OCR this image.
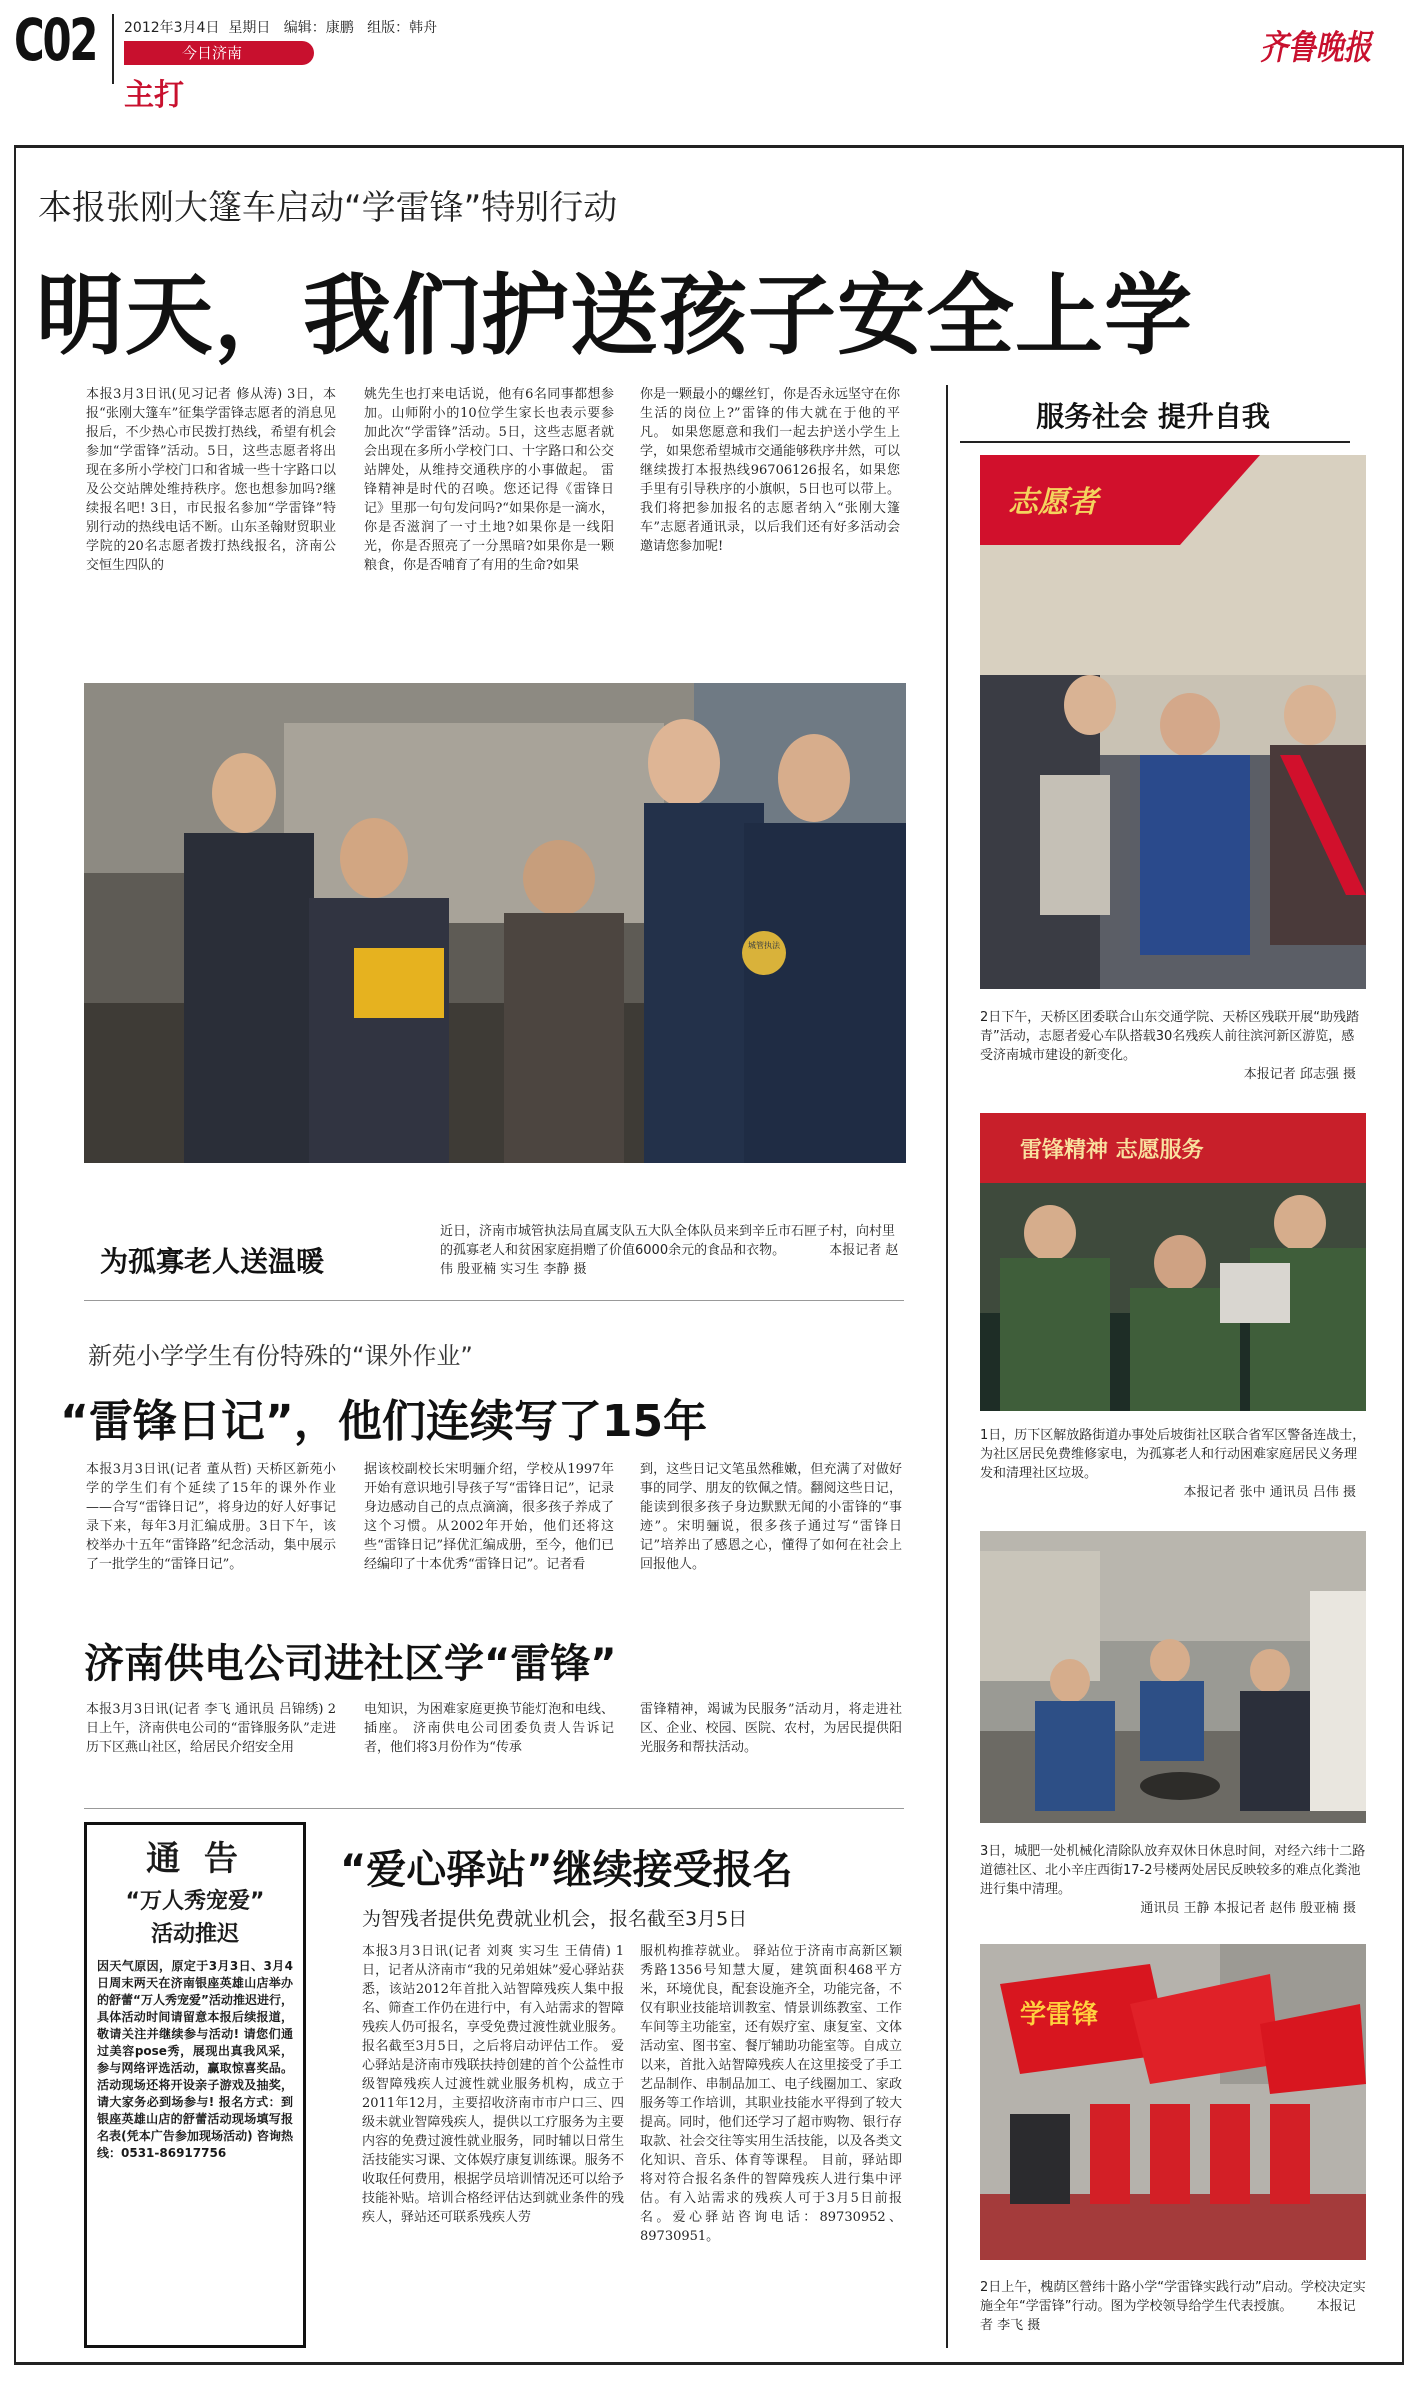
C02 2012年3月4日 星期日 编辑：康鹏 组版：韩舟
今日济南
主打
齐鲁晚报
本报张刚大篷车启动“学雷锋”特别行动
明天，我们护送孩子安全上学
本报3月3日讯(见习记者 修从涛) 3日，本报“张刚大篷车”征集学雷锋志愿者的消息见报后，不少热心市民拨打热线，希望有机会参加“学雷锋”活动。5日，这些志愿者将出现在多所小学校门口和省城一些十字路口以及公交站牌处维持秩序。您也想参加吗?继续报名吧! 3日，市民报名参加“学雷锋”特别行动的热线电话不断。山东圣翰财贸职业学院的20名志愿者拨打热线报名，济南公交恒生四队的
姚先生也打来电话说，他有6名同事都想参加。山师附小的10位学生家长也表示要参加此次“学雷锋”活动。5日，这些志愿者就会出现在多所小学校门口、十字路口和公交站牌处，从维持交通秩序的小事做起。 雷锋精神是时代的召唤。您还记得《雷锋日记》里那一句句发问吗?“如果你是一滴水，你是否滋润了一寸土地?如果你是一线阳光，你是否照亮了一分黑暗?如果你是一颗粮食，你是否哺育了有用的生命?如果
你是一颗最小的螺丝钉，你是否永远坚守在你生活的岗位上?”雷锋的伟大就在于他的平凡。 如果您愿意和我们一起去护送小学生上学，如果您希望城市交通能够秩序井然，可以继续拨打本报热线96706126报名，如果您手里有引导秩序的小旗帜，5日也可以带上。我们将把参加报名的志愿者纳入“张刚大篷车”志愿者通讯录，以后我们还有好多活动会邀请您参加呢!
城管执法
为孤寡老人送温暖
近日，济南市城管执法局直属支队五大队全体队员来到辛丘市石匣子村，向村里的孤寡老人和贫困家庭捐赠了价值6000余元的食品和衣物。	本报记者 赵伟 殷亚楠 实习生 李静 摄
新苑小学学生有份特殊的“课外作业”
“雷锋日记”，他们连续写了15年
本报3月3日讯(记者 董从哲) 天桥区新苑小学的学生们有个延续了15年的课外作业——合写“雷锋日记”，将身边的好人好事记录下来，每年3月汇编成册。3日下午，该校举办十五年“雷锋路”纪念活动，集中展示了一批学生的“雷锋日记”。
据该校副校长宋明骊介绍，学校从1997年开始有意识地引导孩子写“雷锋日记”，记录身边感动自己的点点滴滴，很多孩子养成了这个习惯。从2002年开始，他们还将这些“雷锋日记”择优汇编成册，至今，他们已经编印了十本优秀“雷锋日记”。记者看
到，这些日记文笔虽然稚嫩，但充满了对做好事的同学、朋友的钦佩之情。翻阅这些日记，能读到很多孩子身边默默无闻的小雷锋的“事迹”。宋明骊说，很多孩子通过写“雷锋日记”培养出了感恩之心，懂得了如何在社会上回报他人。
济南供电公司进社区学“雷锋”
本报3月3日讯(记者 李飞 通讯员 吕锦绣) 2日上午，济南供电公司的“雷锋服务队”走进历下区燕山社区，给居民介绍安全用
电知识，为困难家庭更换节能灯泡和电线、插座。 济南供电公司团委负责人告诉记者，他们将3月份作为“传承
雷锋精神，竭诚为民服务”活动月，将走进社区、企业、校园、医院、农村，为居民提供阳光服务和帮扶活动。
通 告
“万人秀宠爱”
活动推迟
因天气原因，原定于3月3日、3月4日周末两天在济南银座英雄山店举办的舒蕾“万人秀宠爱”活动推迟进行，具体活动时间请留意本报后续报道，敬请关注并继续参与活动! 请您们通过美容pose秀，展现出真我风采，参与网络评选活动，赢取惊喜奖品。 活动现场还将开设亲子游戏及抽奖，请大家务必到场参与! 报名方式：到银座英雄山店的舒蕾活动现场填写报名表(凭本广告参加现场活动) 咨询热线：0531-86917756
“爱心驿站”继续接受报名
为智残者提供免费就业机会，报名截至3月5日
本报3月3日讯(记者 刘爽 实习生 王倩倩) 1日，记者从济南市“我的兄弟姐妹”爱心驿站获悉，该站2012年首批入站智障残疾人集中报名、筛查工作仍在进行中，有入站需求的智障残疾人仍可报名，享受免费过渡性就业服务。报名截至3月5日，之后将启动评估工作。 爱心驿站是济南市残联扶持创建的首个公益性市级智障残疾人过渡性就业服务机构，成立于2011年12月，主要招收济南市市户口三、四级未就业智障残疾人，提供以工疗服务为主要内容的免费过渡性就业服务，同时辅以日常生活技能实习课、文体娱疗康复训练课。服务不收取任何费用，根据学员培训情况还可以给予技能补贴。培训合格经评估达到就业条件的残疾人，驿站还可联系残疾人劳
服机构推荐就业。 驿站位于济南市高新区颖秀路1356号知慧大厦，建筑面积468平方米，环境优良，配套设施齐全，功能完备，不仅有职业技能培训教室、情景训练教室、工作车间等主功能室，还有娱疗室、康复室、文体活动室、图书室、餐厅辅助功能室等。自成立以来，首批入站智障残疾人在这里接受了手工艺品制作、串制品加工、电子线圈加工、家政服务等工作培训，其职业技能水平得到了较大提高。同时，他们还学习了超市购物、银行存取款、社会交往等实用生活技能，以及各类文化知识、音乐、体育等课程。 目前，驿站即将对符合报名条件的智障残疾人进行集中评估。有入站需求的残疾人可于3月5日前报名。爱心驿站咨询电话：89730952、89730951。
服务社会 提升自我
志愿者
2日下午，天桥区团委联合山东交通学院、天桥区残联开展“助残踏青”活动，志愿者爱心车队搭载30名残疾人前往滨河新区游览，感受济南城市建设的新变化。
本报记者 邱志强 摄
雷锋精神 志愿服务
1日，历下区解放路街道办事处后坡街社区联合省军区警备连战士，为社区居民免费维修家电，为孤寡老人和行动困难家庭居民义务理发和清理社区垃圾。
本报记者 张中 通讯员 吕伟 摄
3日，城肥一处机械化清除队放弃双休日休息时间，对经六纬十二路道德社区、北小辛庄西街17-2号楼两处居民反映较多的难点化粪池进行集中清理。
通讯员 王静 本报记者 赵伟 殷亚楠 摄
学雷锋
2日上午，槐荫区營纬十路小学“学雷锋实践行动”启动。学校决定实施全年“学雷锋”行动。图为学校领导给学生代表授旗。 本报记者 李飞 摄
